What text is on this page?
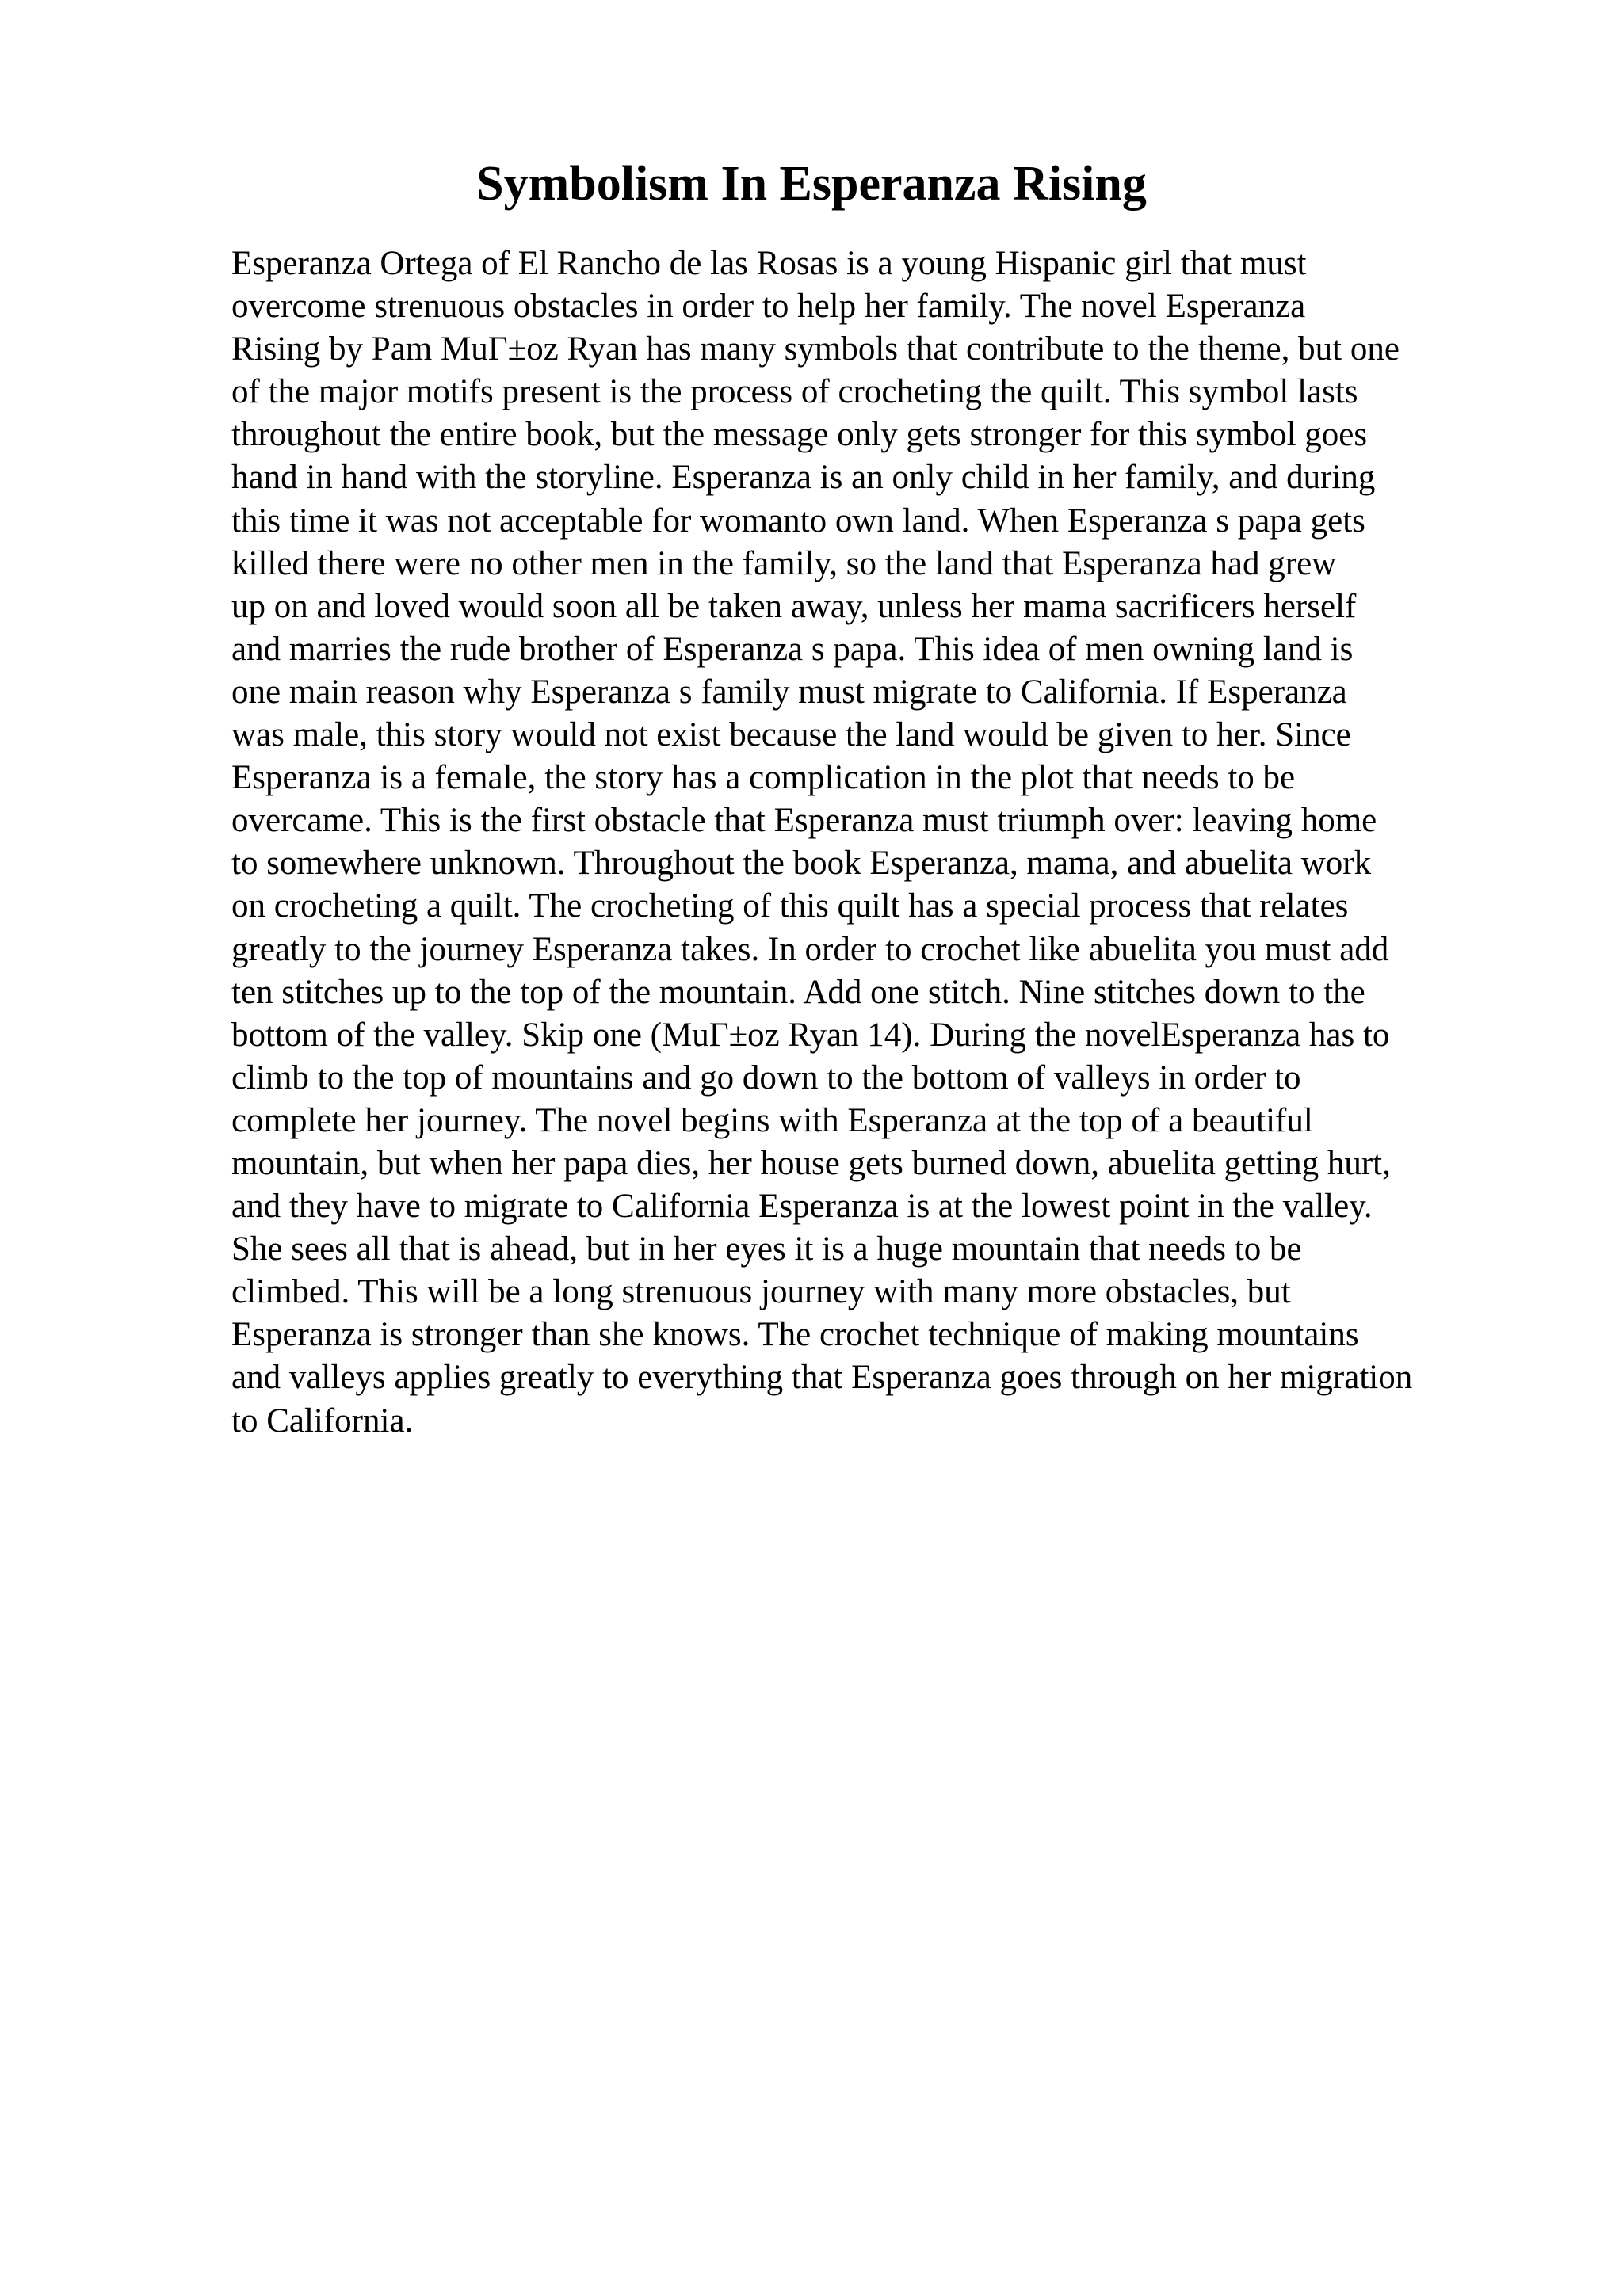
Symbolism In Esperanza Rising
Esperanza Ortega of El Rancho de las Rosas is a young Hispanic girl that must
overcome strenuous obstacles in order to help her family. The novel Esperanza
Rising by Pam MuΓ±oz Ryan has many symbols that contribute to the theme, but one
of the major motifs present is the process of crocheting the quilt. This symbol lasts
throughout the entire book, but the message only gets stronger for this symbol goes
hand in hand with the storyline. Esperanza is an only child in her family, and during
this time it was not acceptable for womanto own land. When Esperanza s papa gets
killed there were no other men in the family, so the land that Esperanza had grew
up on and loved would soon all be taken away, unless her mama sacrificers herself
and marries the rude brother of Esperanza s papa. This idea of men owning land is
one main reason why Esperanza s family must migrate to California. If Esperanza
was male, this story would not exist because the land would be given to her. Since
Esperanza is a female, the story has a complication in the plot that needs to be
overcame. This is the first obstacle that Esperanza must triumph over: leaving home
to somewhere unknown. Throughout the book Esperanza, mama, and abuelita work
on crocheting a quilt. The crocheting of this quilt has a special process that relates
greatly to the journey Esperanza takes. In order to crochet like abuelita you must add
ten stitches up to the top of the mountain. Add one stitch. Nine stitches down to the
bottom of the valley. Skip one (MuΓ±oz Ryan 14). During the novelEsperanza has to
climb to the top of mountains and go down to the bottom of valleys in order to
complete her journey. The novel begins with Esperanza at the top of a beautiful
mountain, but when her papa dies, her house gets burned down, abuelita getting hurt,
and they have to migrate to California Esperanza is at the lowest point in the valley.
She sees all that is ahead, but in her eyes it is a huge mountain that needs to be
climbed. This will be a long strenuous journey with many more obstacles, but
Esperanza is stronger than she knows. The crochet technique of making mountains
and valleys applies greatly to everything that Esperanza goes through on her migration
to California.
